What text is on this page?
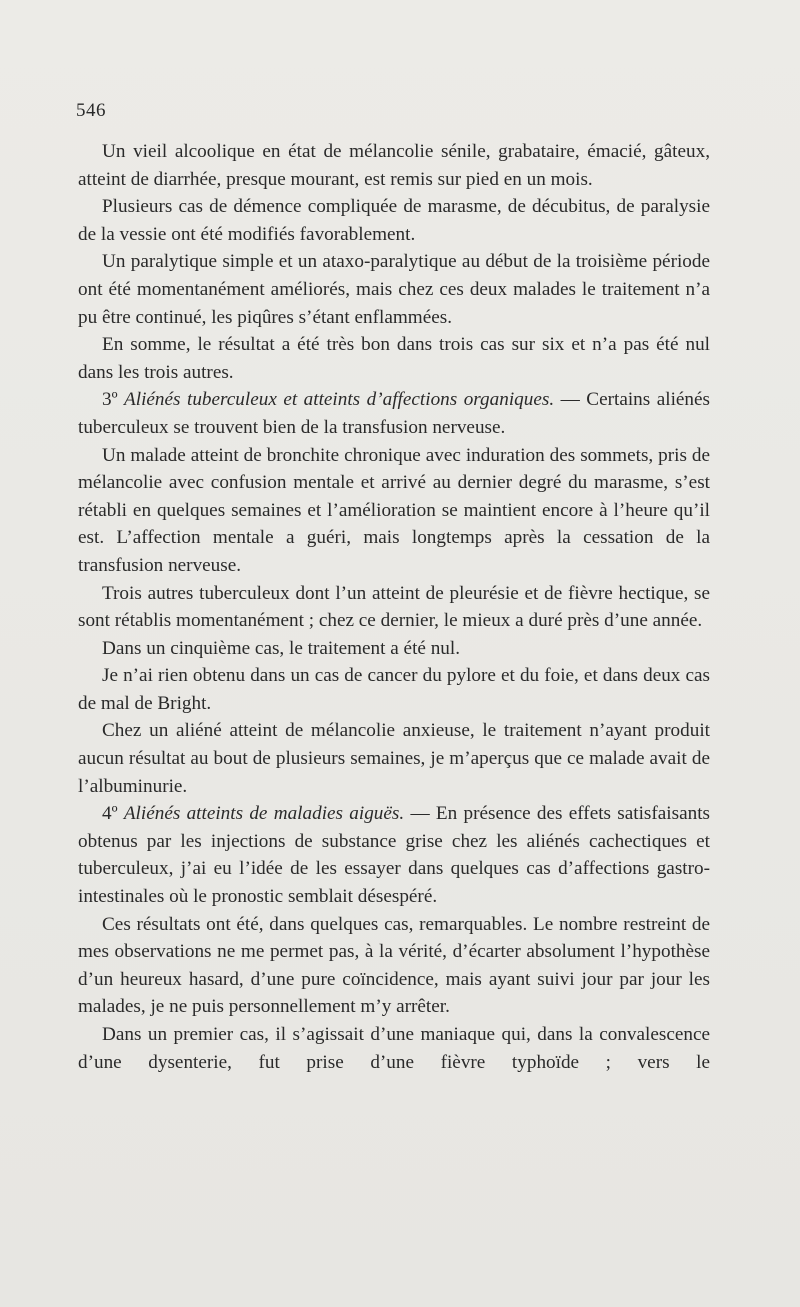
546

Un vieil alcoolique en état de mélancolie sénile, grabataire, émacié, gâteux, atteint de diarrhée, presque mourant, est remis sur pied en un mois.

Plusieurs cas de démence compliquée de marasme, de décubitus, de paralysie de la vessie ont été modifiés favorablement.

Un paralytique simple et un ataxo-paralytique au début de la troisième période ont été momentanément améliorés, mais chez ces deux malades le traitement n’a pu être continué, les piqûres s’étant enflammées.

En somme, le résultat a été très bon dans trois cas sur six et n’a pas été nul dans les trois autres.

3º Aliénés tuberculeux et atteints d’affections organiques. — Certains aliénés tuberculeux se trouvent bien de la transfusion nerveuse.

Un malade atteint de bronchite chronique avec induration des sommets, pris de mélancolie avec confusion mentale et arrivé au dernier degré du marasme, s’est rétabli en quelques semaines et l’amélioration se maintient encore à l’heure qu’il est. L’affection mentale a guéri, mais longtemps après la cessation de la transfusion nerveuse.

Trois autres tuberculeux dont l’un atteint de pleurésie et de fièvre hectique, se sont rétablis momentanément ; chez ce dernier, le mieux a duré près d’une année.

Dans un cinquième cas, le traitement a été nul.

Je n’ai rien obtenu dans un cas de cancer du pylore et du foie, et dans deux cas de mal de Bright.

Chez un aliéné atteint de mélancolie anxieuse, le traitement n’ayant produit aucun résultat au bout de plusieurs semaines, je m’aperçus que ce malade avait de l’albuminurie.

4º Aliénés atteints de maladies aiguës. — En présence des effets satisfaisants obtenus par les injections de substance grise chez les aliénés cachectiques et tuberculeux, j’ai eu l’idée de les essayer dans quelques cas d’affections gastro-intestinales où le pronostic semblait désespéré.

Ces résultats ont été, dans quelques cas, remarquables. Le nombre restreint de mes observations ne me permet pas, à la vérité, d’écarter absolument l’hypothèse d’un heureux hasard, d’une pure coïncidence, mais ayant suivi jour par jour les malades, je ne puis personnellement m’y arrêter.

Dans un premier cas, il s’agissait d’une maniaque qui, dans la convalescence d’une dysenterie, fut prise d’une fièvre typhoïde ; vers le
